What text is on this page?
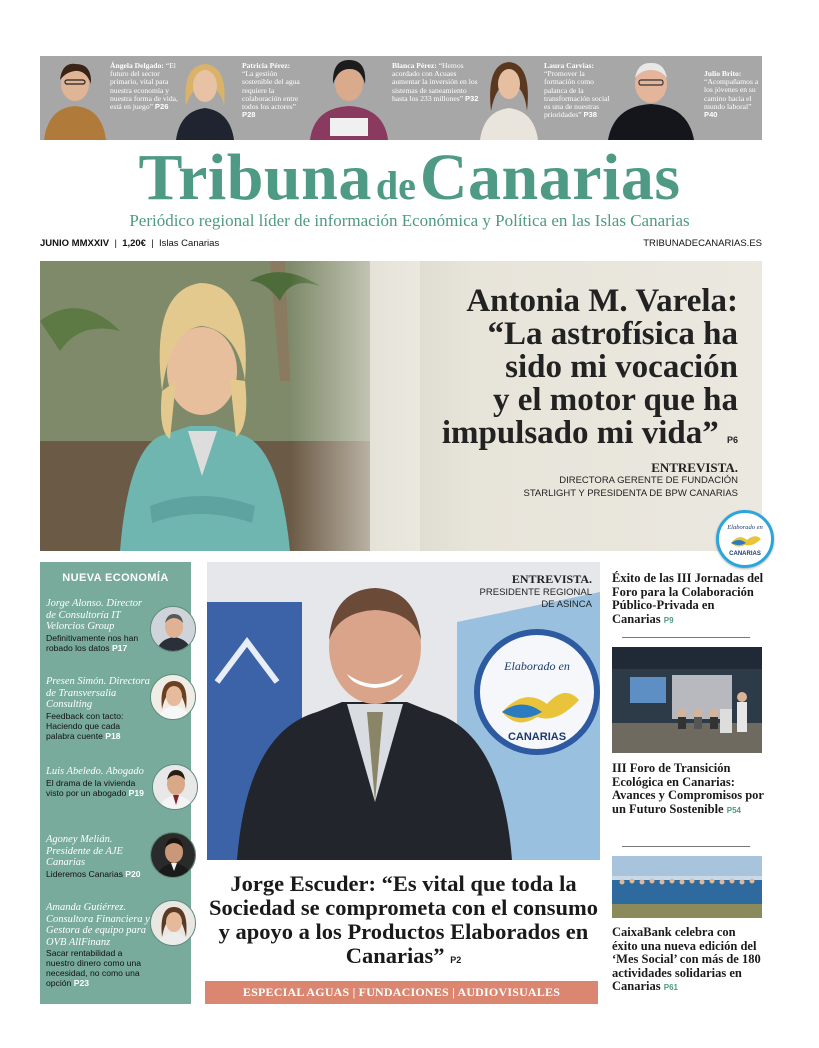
Ángela Delgado: “El futuro del sector primario, vital para nuestra economía y nuestra forma de vida, está en juego” P26
Patricia Pérez:
“La gestión sostenible del agua requiere la colaboración entre todos los actores” P28
Blanca Pérez: “Hemos acordado con Acuaes aumentar la inversión en los sistemas de saneamiento hasta los 233 millones” P32
Laura Carvias:
“Promover la formación como palanca de la transformación social es una de nuestras prioridades” P38
Julio Brito:
“Acompañamos a los jóvenes en su camino hacia el mundo laboral” P40
Tribuna de Canarias
Periódico regional líder de información Económica y Política en las Islas Canarias
JUNIO MMXXIV | 1,20€ | Islas Canarias	TRIBUNADECANARIAS.ES
Antonia M. Varela:
“La astrofísica ha
sido mi vocación
y el motor que ha
impulsado mi vida” P6
ENTREVISTA.
DIRECTORA GERENTE DE FUNDACIÓN STARLIGHT Y PRESIDENTA DE BPW CANARIAS
Elaborado en
CANARIAS
NUEVA ECONOMÍA
Jorge Alonso. Director de Consultoría IT Velorcios Group
Definitivamente nos han robado los datos P17
Presen Simón. Directora de Transversalia Consulting
Feedback con tacto: Haciendo que cada palabra cuente P18
Luis Abeledo. Abogado
El drama de la vivienda visto por un abogado P19
Agoney Melián. Presidente de AJE Canarias
Lideremos Canarias P20
Amanda Gutiérrez. Consultora Financiera y Gestora de equipo para OVB AllFinanz
Sacar rentabilidad a nuestro dinero como una necesidad, no como una opción P23
Elaborado en
CANARIAS
ENTREVISTA.
PRESIDENTE REGIONAL DE ASINCA
Jorge Escuder: “Es vital que toda la Sociedad se comprometa con el consumo y apoyo a los Productos Elaborados en Canarias” P2
ESPECIAL AGUAS | FUNDACIONES | AUDIOVISUALES
Éxito de las III Jornadas del Foro para la Colaboración Público-Privada en Canarias P9
III Foro de Transición Ecológica en Canarias: Avances y Compromisos por un Futuro Sostenible P54
CaixaBank celebra con éxito una nueva edición del ‘Mes Social’ con más de 180 actividades solidarias en Canarias P61
